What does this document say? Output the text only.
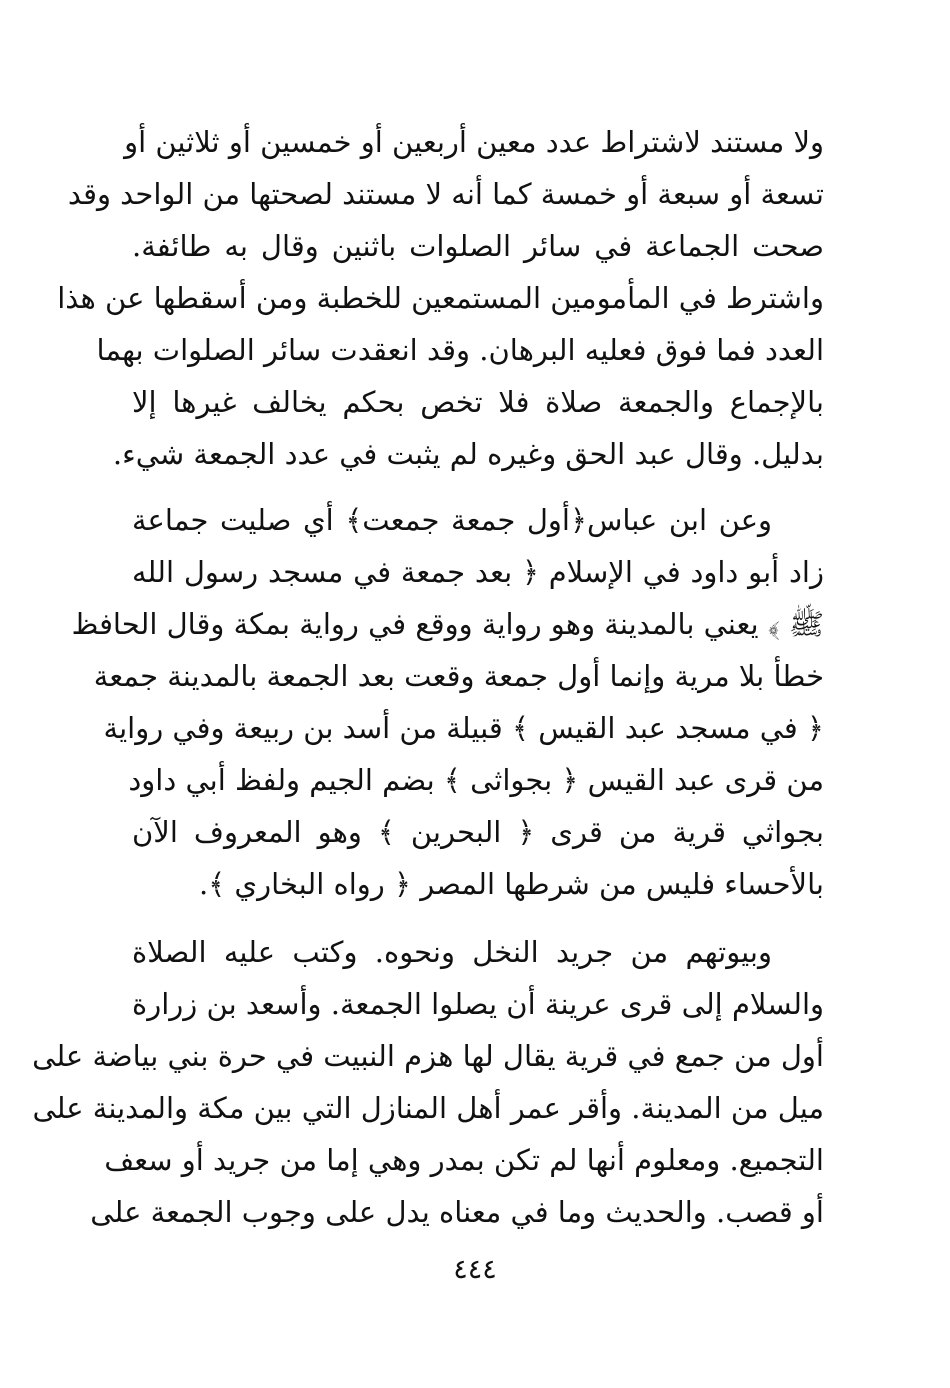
ولا مستند لاشتراط عدد معين أربعين أو خمسين أو ثلاثين أو
تسعة أو سبعة أو خمسة كما أنه لا مستند لصحتها من الواحد وقد
صحت الجماعة في سائر الصلوات باثنين وقال به طائفة.
واشترط في المأمومين المستمعين للخطبة ومن أسقطها عن هذا
العدد فما فوق فعليه البرهان. وقد انعقدت سائر الصلوات بهما
بالإجماع والجمعة صلاة فلا تخص بحكم يخالف غيرها إلا
بدليل. وقال عبد الحق وغيره لم يثبت في عدد الجمعة شيء.
وعن ابن عباس﴿أول جمعة جمعت﴾ أي صليت جماعة
زاد أبو داود في الإسلام ﴿ بعد جمعة في مسجد رسول الله
ﷺ ﴾ يعني بالمدينة وهو رواية ووقع في رواية بمكة وقال الحافظ
خطأ بلا مرية وإنما أول جمعة وقعت بعد الجمعة بالمدينة جمعة
﴿ في مسجد عبد القيس ﴾ قبيلة من أسد بن ربيعة وفي رواية
من قرى عبد القيس ﴿ بجواثى ﴾ بضم الجيم ولفظ أبي داود
بجواثي قرية من قرى ﴿ البحرين ﴾ وهو المعروف الآن
بالأحساء فليس من شرطها المصر ﴿ رواه البخاري ﴾.
وبيوتهم من جريد النخل ونحوه. وكتب عليه الصلاة
والسلام إلى قرى عرينة أن يصلوا الجمعة. وأسعد بن زرارة
أول من جمع في قرية يقال لها هزم النبيت في حرة بني بياضة على
ميل من المدينة. وأقر عمر أهل المنازل التي بين مكة والمدينة على
التجميع. ومعلوم أنها لم تكن بمدر وهي إما من جريد أو سعف
أو قصب. والحديث وما في معناه يدل على وجوب الجمعة على
٤٤٤
